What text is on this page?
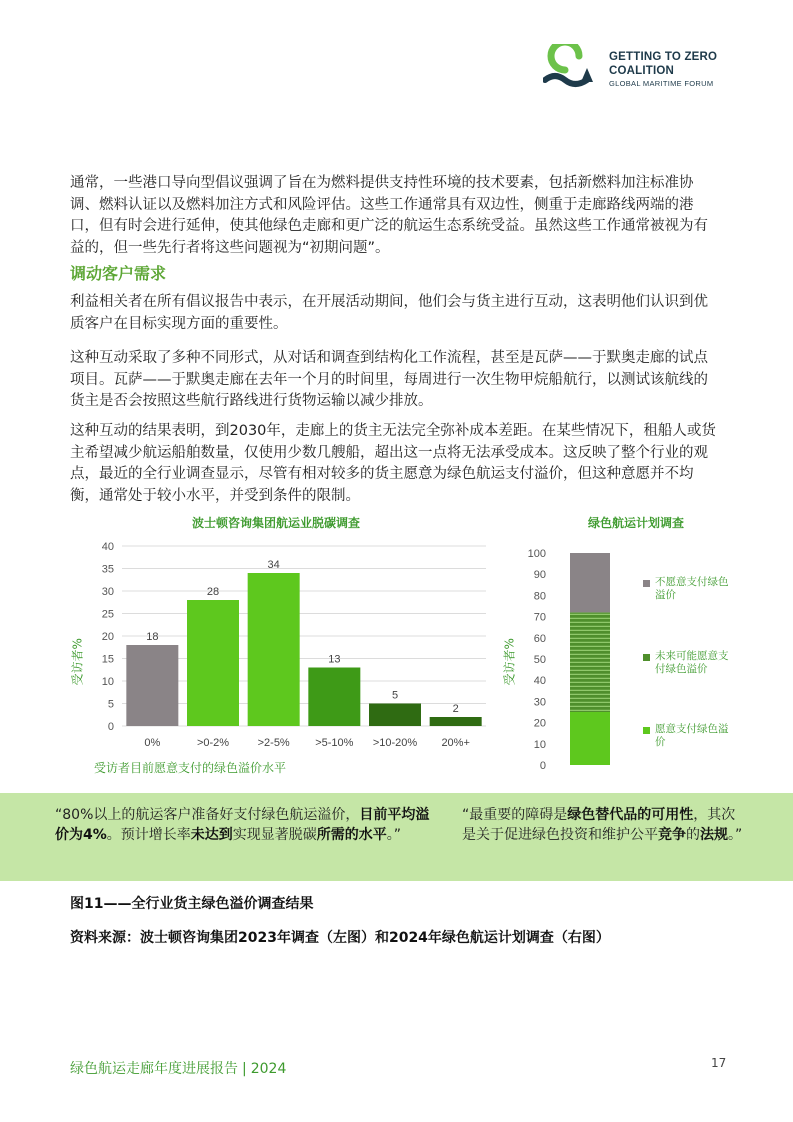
GETTING TO ZERO
COALITION
GLOBAL MARITIME FORUM
通常，一些港口导向型倡议强调了旨在为燃料提供支持性环境的技术要素，包括新燃料加注标准协调、燃料认证以及燃料加注方式和风险评估。这些工作通常具有双边性，侧重于走廊路线两端的港口，但有时会进行延伸，使其他绿色走廊和更广泛的航运生态系统受益。虽然这些工作通常被视为有益的，但一些先行者将这些问题视为“初期问题”。
调动客户需求
利益相关者在所有倡议报告中表示，在开展活动期间，他们会与货主进行互动，这表明他们认识到优质客户在目标实现方面的重要性。
这种互动采取了多种不同形式，从对话和调查到结构化工作流程，甚至是瓦萨——于默奥走廊的试点项目。瓦萨——于默奥走廊在去年一个月的时间里，每周进行一次生物甲烷船航行，以测试该航线的货主是否会按照这些航行路线进行货物运输以减少排放。
这种互动的结果表明，到2030年，走廊上的货主无法完全弥补成本差距。在某些情况下，租船人或货主希望减少航运船舶数量，仅使用少数几艘船，超出这一点将无法承受成本。这反映了整个行业的观点，最近的全行业调查显示，尽管有相对较多的货主愿意为绿色航运支付溢价，但这种意愿并不均衡，通常处于较小水平，并受到条件的限制。
波士顿咨询集团航运业脱碳调查
受访者%
0
5
10
15
20
25
30
35
40
18
0%
28
>0-2%
34
>2-5%
13
>5-10%
5
>10-20%
2
20%+
受访者目前愿意支付的绿色溢价水平
绿色航运计划调查
受访者%
0
10
20
30
40
50
60
70
80
90
100
不愿意支付绿色溢价
未来可能愿意支付绿色溢价
愿意支付绿色溢价
“80%以上的航运客户准备好支付绿色航运溢价，目前平均溢价为4%。预计增长率未达到实现显著脱碳所需的水平。”
“最重要的障碍是绿色替代品的可用性，其次是关于促进绿色投资和维护公平竞争的法规。”
图11——全行业货主绿色溢价调查结果
资料来源：波士顿咨询集团2023年调查（左图）和2024年绿色航运计划调查（右图）
绿色航运走廊年度进展报告 | 2024	17
